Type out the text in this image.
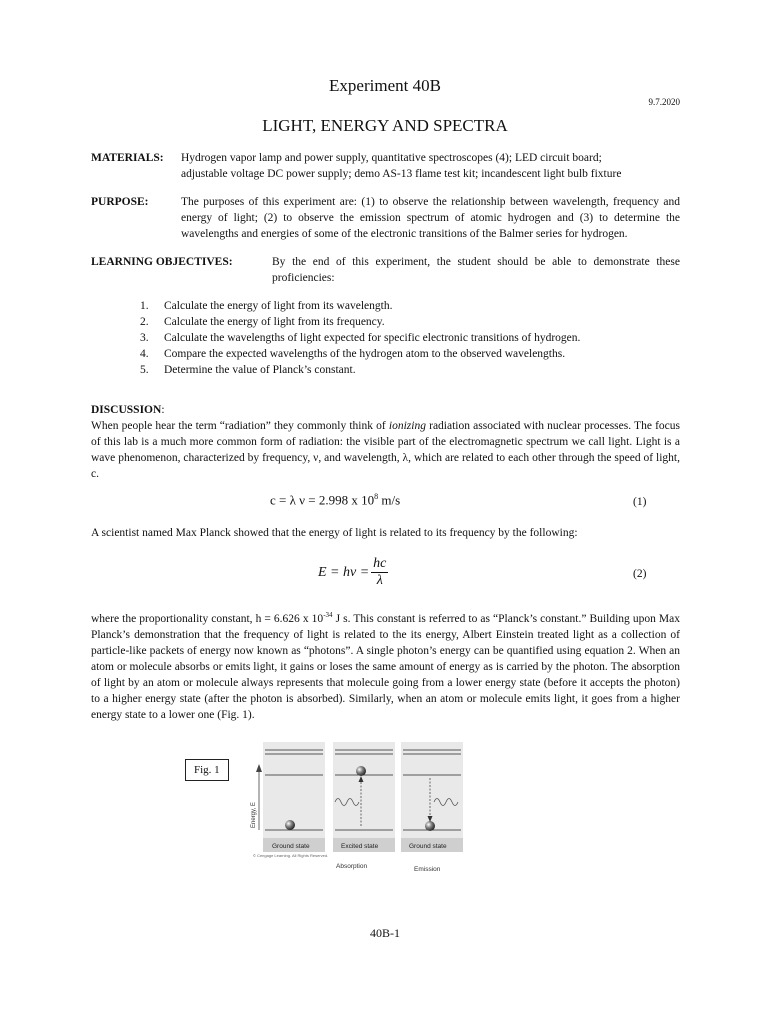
Experiment 40B
9.7.2020
LIGHT, ENERGY AND SPECTRA
MATERIALS: Hydrogen vapor lamp and power supply, quantitative spectroscopes (4); LED circuit board;
adjustable voltage DC power supply; demo AS-13 flame test kit; incandescent light bulb fixture
PURPOSE:	The purposes of this experiment are: (1) to observe the relationship between wavelength, frequency and energy of light; (2) to observe the emission spectrum of atomic hydrogen and (3) to determine the wavelengths and energies of some of the electronic transitions of the Balmer series for hydrogen.
LEARNING OBJECTIVES:	By the end of this experiment, the student should be able to demonstrate these proficiencies:
1.	Calculate the energy of light from its wavelength.
2.	Calculate the energy of light from its frequency.
3.	Calculate the wavelengths of light expected for specific electronic transitions of hydrogen.
4.	Compare the expected wavelengths of the hydrogen atom to the observed wavelengths.
5.	Determine the value of Planck’s constant.
DISCUSSION:
When people hear the term “radiation” they commonly think of ionizing radiation associated with nuclear processes. The focus of this lab is a much more common form of radiation: the visible part of the electromagnetic spectrum we call light. Light is a wave phenomenon, characterized by frequency, ν, and wavelength, λ, which are related to each other through the speed of light, c.
c = λ ν = 2.998 x $10^8$ m/s	(1)
A scientist named Max Planck showed that the energy of light is related to its frequency by the following:
$E = h\nu = \frac{hc}{\lambda}$	(2)
where the proportionality constant, h = 6.626 x $10^{-34}$ J s. This constant is referred to as “Planck’s constant.” Building upon Max Planck’s demonstration that the frequency of light is related to the its energy, Albert Einstein treated light as a collection of particle-like packets of energy now known as “photons”. A single photon’s energy can be quantified using equation 2. When an atom or molecule absorbs or emits light, it gains or loses the same amount of energy as is carried by the photon. The absorption of light by an atom or molecule always represents that molecule going from a lower energy state (before it accepts the photon) to a higher energy state (after the photon is absorbed). Similarly, when an atom or molecule emits light, it goes from a higher energy state to a lower one (Fig. 1).
Fig. 1
Energy, E
Ground state	Excited state	Ground state
© Cengage Learning. All Rights Reserved.
Absorption	Emission
40B-1
